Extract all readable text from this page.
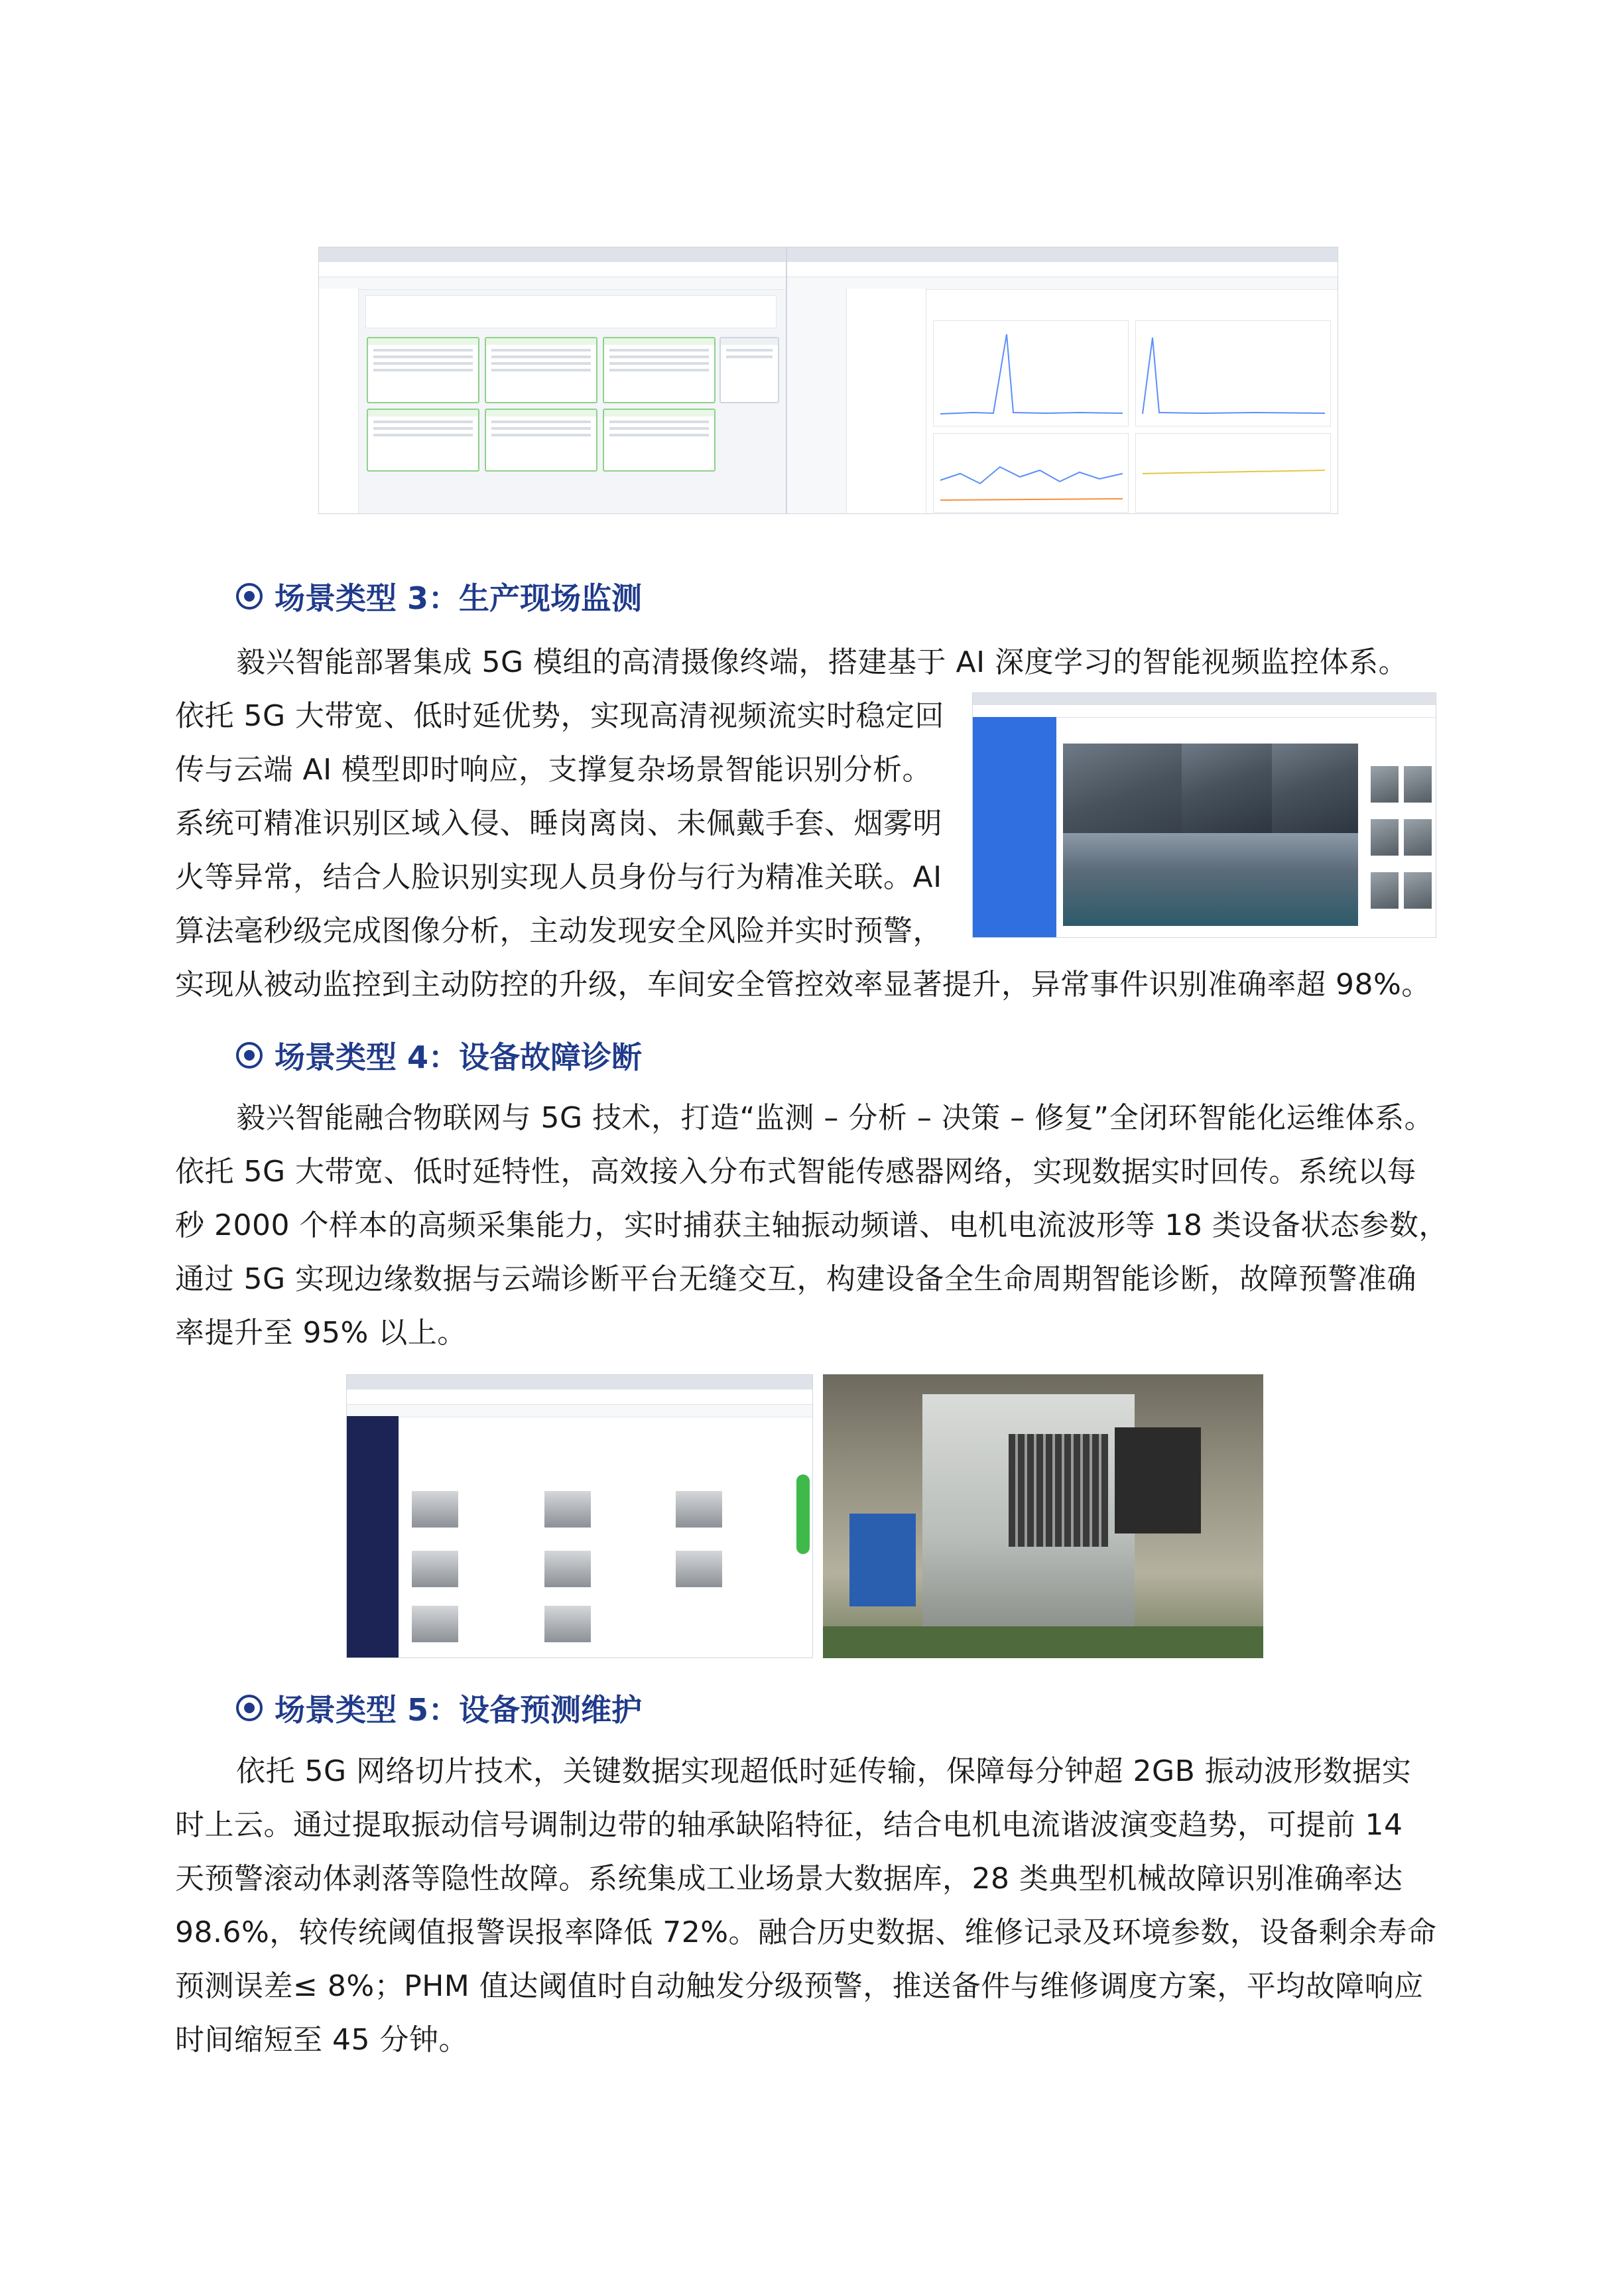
场景类型 3：生产现场监测

毅兴智能部署集成 5G 模组的高清摄像终端，搭建基于 AI 深度学习的智能视频监控体系。

依托 5G 大带宽、低时延优势，实现高清视频流实时稳定回

传与云端 AI 模型即时响应，支撑复杂场景智能识别分析。

系统可精准识别区域入侵、睡岗离岗、未佩戴手套、烟雾明

火等异常，结合人脸识别实现人员身份与行为精准关联。AI

算法毫秒级完成图像分析，主动发现安全风险并实时预警，

实现从被动监控到主动防控的升级，车间安全管控效率显著提升，异常事件识别准确率超 98%。

场景类型 4：设备故障诊断

毅兴智能融合物联网与 5G 技术，打造“监测 – 分析 – 决策 – 修复”全闭环智能化运维体系。

依托 5G 大带宽、低时延特性，高效接入分布式智能传感器网络，实现数据实时回传。系统以每

秒 2000 个样本的高频采集能力，实时捕获主轴振动频谱、电机电流波形等 18 类设备状态参数，

通过 5G 实现边缘数据与云端诊断平台无缝交互，构建设备全生命周期智能诊断，故障预警准确

率提升至 95% 以上。

场景类型 5：设备预测维护

依托 5G 网络切片技术，关键数据实现超低时延传输，保障每分钟超 2GB 振动波形数据实

时上云。通过提取振动信号调制边带的轴承缺陷特征，结合电机电流谐波演变趋势，可提前 14

天预警滚动体剥落等隐性故障。系统集成工业场景大数据库，28 类典型机械故障识别准确率达

98.6%，较传统阈值报警误报率降低 72%。融合历史数据、维修记录及环境参数，设备剩余寿命

预测误差≤ 8%；PHM 值达阈值时自动触发分级预警，推送备件与维修调度方案，平均故障响应

时间缩短至 45 分钟。
